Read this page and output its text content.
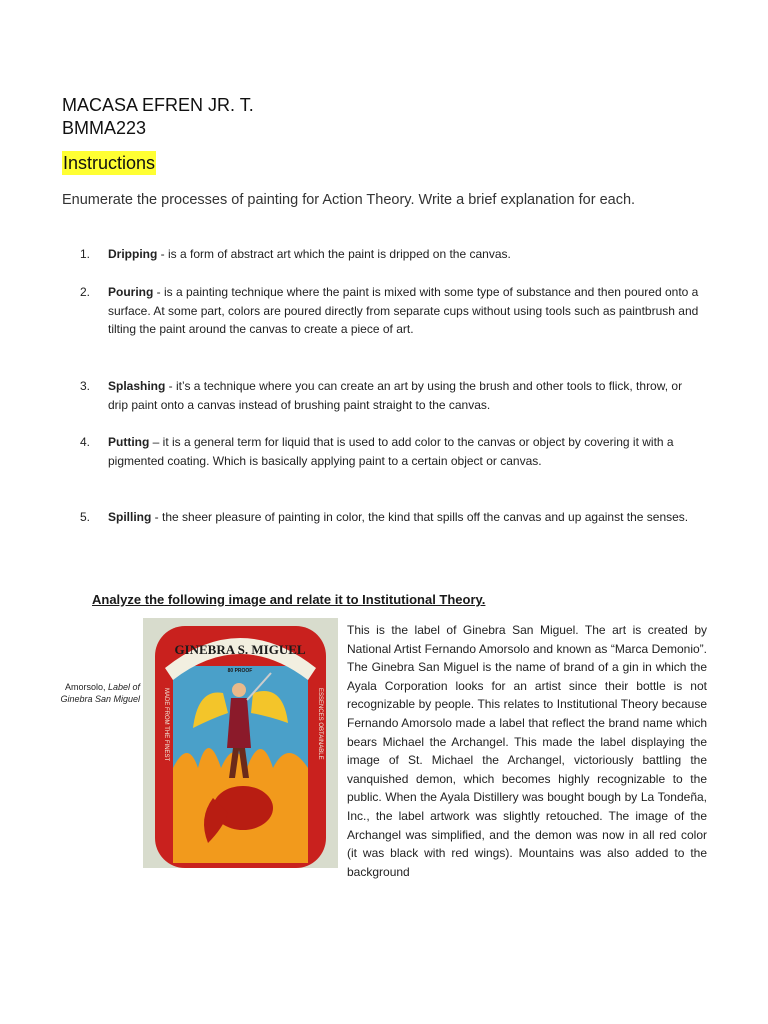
MACASA EFREN JR. T.
BMMA223
Instructions
Enumerate the processes of painting for Action Theory. Write a brief explanation for each.
1.	Dripping - is a form of abstract art which the paint is dripped on the canvas.
2.	Pouring - is a painting technique where the paint is mixed with some type of substance and then poured onto a surface. At some part, colors are poured directly from separate cups without using tools such as paintbrush and tilting the paint around the canvas to create a piece of art.
3.	Splashing - it’s a technique where you can create an art by using the brush and other tools to flick, throw, or drip paint onto a canvas instead of brushing paint straight to the canvas.
4.	Putting – it is a general term for liquid that is used to add color to the canvas or object by covering it with a pigmented coating. Which is basically applying paint to a certain object or canvas.
5.	Spilling - the sheer pleasure of painting in color, the kind that spills off the canvas and up against the senses.
Analyze the following image and relate it to Institutional Theory.
Amorsolo, Label of Ginebra San Miguel
GINEBRA S. MIGUEL
80 PROOF
MADE FROM THE FINEST	ESSENCES OBTAINABLE

This is the label of Ginebra San Miguel. The art is created by National Artist Fernando Amorsolo and known as “Marca Demonio”. The Ginebra San Miguel is the name of brand of a gin in which the Ayala Corporation looks for an artist since their bottle is not recognizable by people. This relates to Institutional Theory because Fernando Amorsolo made a label that reflect the brand name which bears Michael the Archangel. This made the label displaying the image of St. Michael the Archangel, victoriously battling the vanquished demon, which becomes highly recognizable to the public. When the Ayala Distillery was bought bough by La Tondeña, Inc., the label artwork was slightly retouched. The image of the Archangel was simplified, and the demon was now in all red color (it was black with red wings). Mountains was also added to the background
